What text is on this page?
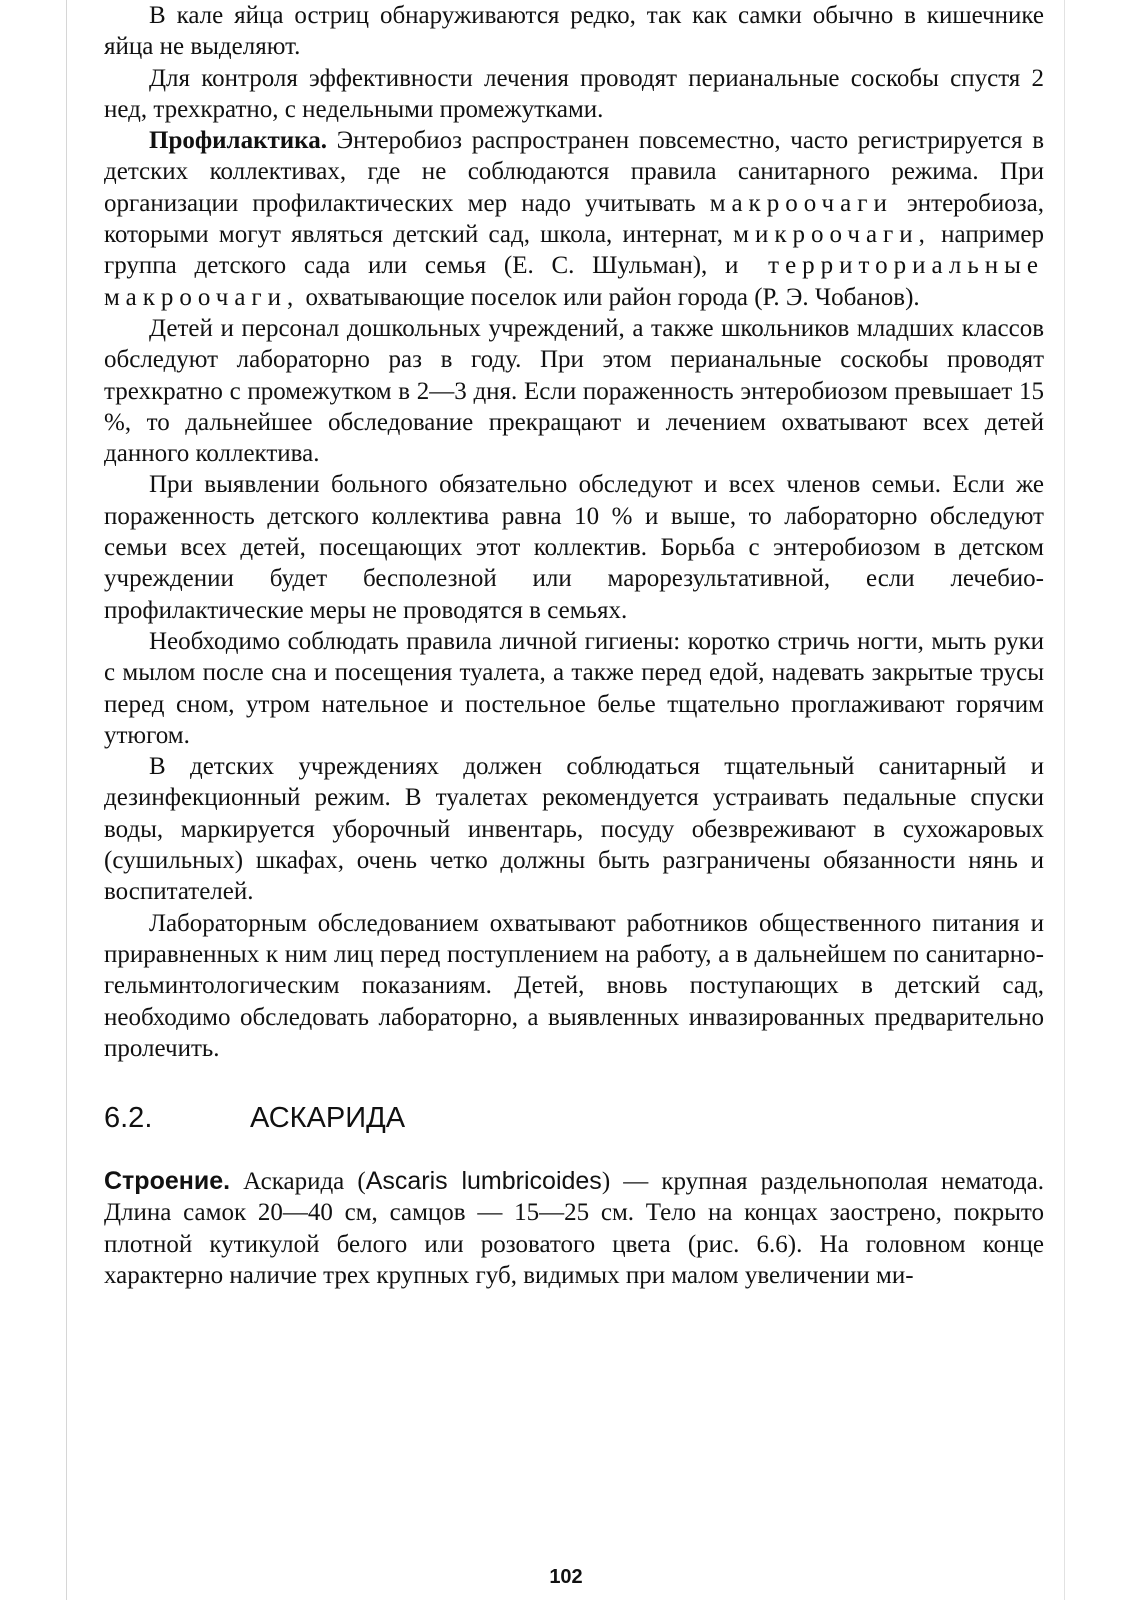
В кале яйца остриц обнаруживаются редко, так как самки обычно в кишечнике яйца не выделяют.

Для контроля эффективности лечения проводят перианальные соскобы спустя 2 нед, трехкратно, с недельными промежутками.

Профилактика. Энтеробиоз распространен повсеместно, часто регистрируется в детских коллективах, где не соблюдаются правила санитарного режима. При организации профилактических мер надо учитывать макроочаги энтеробиоза, которыми могут являться детский сад, школа, интернат, микроочаги, например группа детского сада или семья (Е. С. Шульман), и территориальные макроочаги, охватывающие поселок или район города (Р. Э. Чобанов).

Детей и персонал дошкольных учреждений, а также школьников младших классов обследуют лабораторно раз в году. При этом перианальные соскобы проводят трехкратно с промежутком в 2—3 дня. Если пораженность энтеробиозом превышает 15 %, то дальнейшее обследование прекращают и лечением охватывают всех детей данного коллектива.

При выявлении больного обязательно обследуют и всех членов семьи. Если же пораженность детского коллектива равна 10 % и выше, то лабораторно обследуют семьи всех детей, посещающих этот коллектив. Борьба с энтеробиозом в детском учреждении будет бесполезной или марорезультативной, если лечебио-профилактические меры не проводятся в семьях.

Необходимо соблюдать правила личной гигиены: коротко стричь ногти, мыть руки с мылом после сна и посещения туалета, а также перед едой, надевать закрытые трусы перед сном, утром нательное и постельное белье тщательно проглаживают горячим утюгом.

В детских учреждениях должен соблюдаться тщательный санитарный и дезинфекционный режим. В туалетах рекомендуется устраивать педальные спуски воды, маркируется уборочный инвентарь, посуду обезвреживают в сухожаровых (сушильных) шкафах, очень четко должны быть разграничены обязанности нянь и воспитателей.

Лабораторным обследованием охватывают работников общественного питания и приравненных к ним лиц перед поступлением на работу, а в дальнейшем по санитарно-гельминтологическим показаниям. Детей, вновь поступающих в детский сад, необходимо обследовать лабораторно, а выявленных инвазированных предварительно пролечить.

6.2.	АСКАРИДА

Строение. Аскарида (Ascaris lumbricoides) — крупная раздельнополая нематода. Длина самок 20—40 см, самцов — 15—25 см. Тело на концах заострено, покрыто плотной кутикулой белого или розоватого цвета (рис. 6.6). На головном конце характерно наличие трех крупных губ, видимых при малом увеличении ми-

102
